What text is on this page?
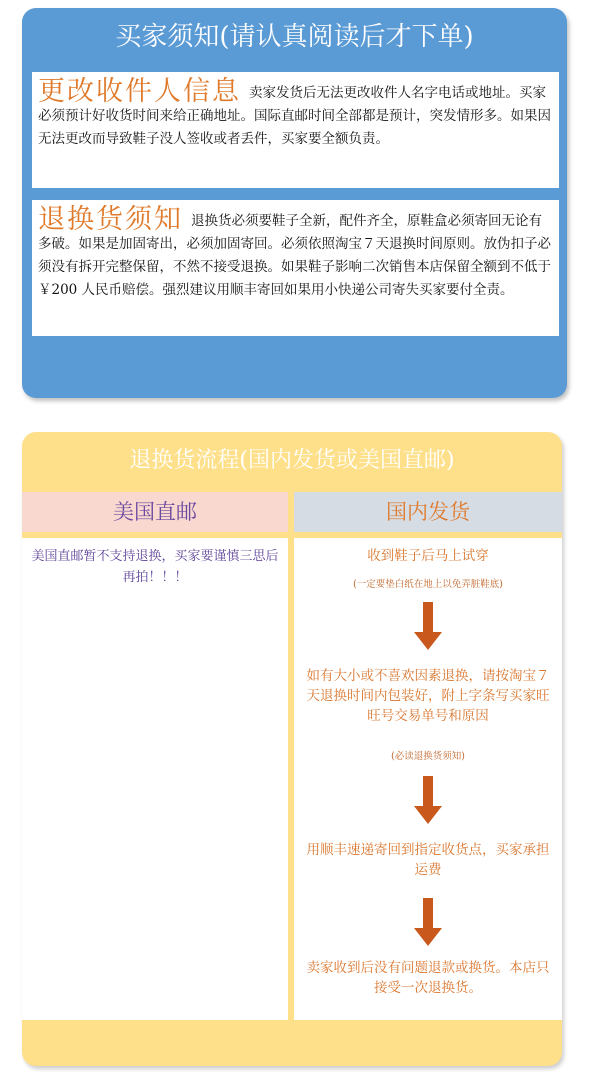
买家须知(请认真阅读后才下单)
更改收件人信息 卖家发货后无法更改收件人名字电话或地址。买家必须预计好收货时间来给正确地址。国际直邮时间全部都是预计，突发情形多。如果因无法更改而导致鞋子没人签收或者丢件，买家要全额负责。
退换货须知 退换货必须要鞋子全新，配件齐全，原鞋盒必须寄回无论有多破。如果是加固寄出，必须加固寄回。必须依照淘宝７天退换时间原则。放伪扣子必须没有拆开完整保留，不然不接受退换。如果鞋子影响二次销售本店保留全额到不低于￥200 人民币赔偿。强烈建议用顺丰寄回如果用小快递公司寄失买家要付全责。
退换货流程(国内发货或美国直邮)
美国直邮	国内发货
美国直邮暂不支持退换，买家要谨慎三思后再拍！！！
收到鞋子后马上试穿
(一定要垫白纸在地上以免弄脏鞋底)
如有大小或不喜欢因素退换，请按淘宝７天退换时间内包装好，附上字条写买家旺旺号交易单号和原因
(必读退换货须知)
用顺丰速递寄回到指定收货点，买家承担运费
卖家收到后没有问题退款或换货。本店只接受一次退换货。
